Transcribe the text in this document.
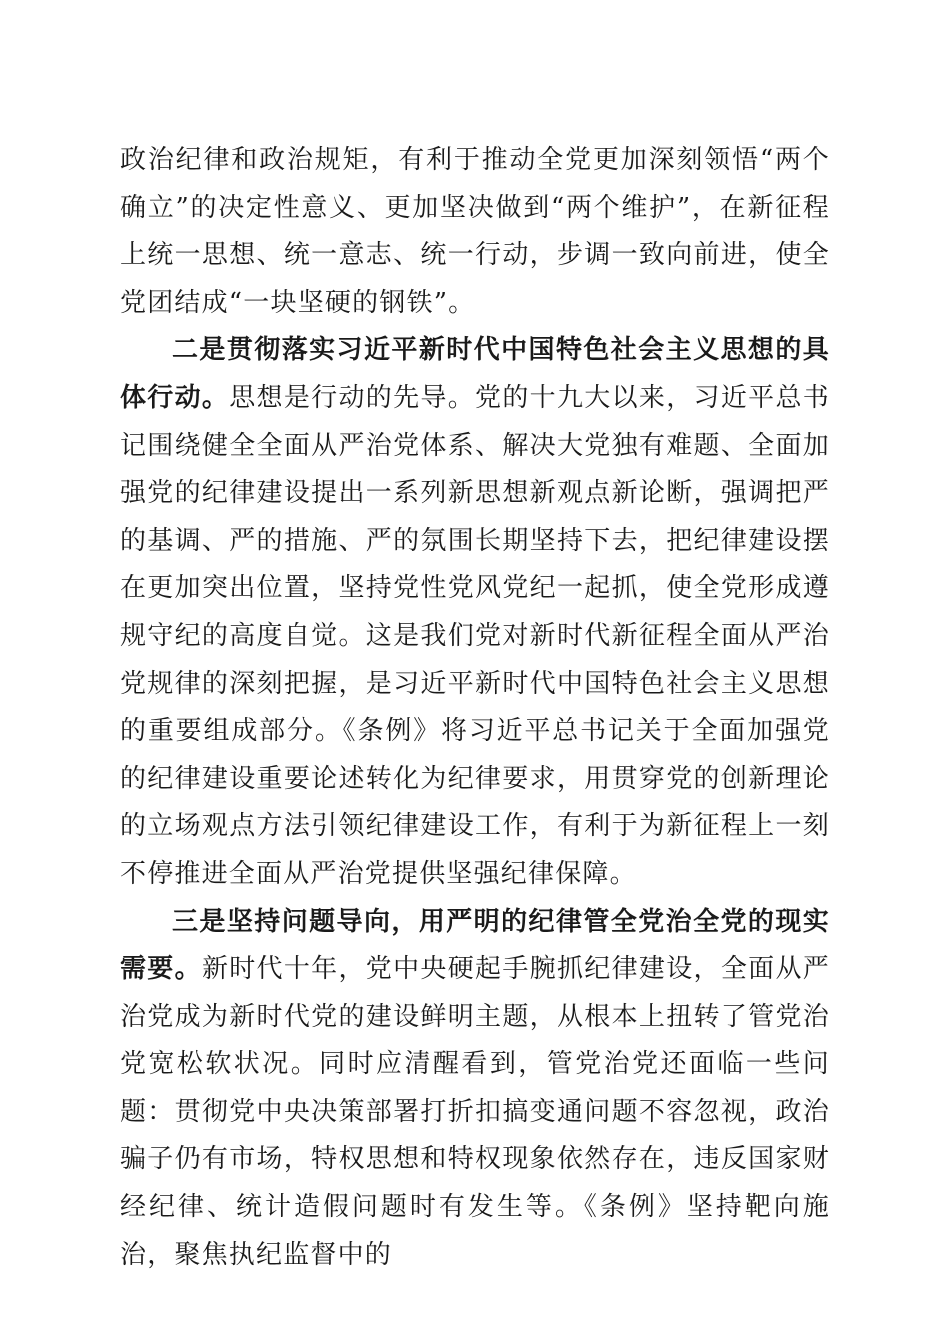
政治纪律和政治规矩，有利于推动全党更加深刻领悟“两个确立”的决定性意义、更加坚决做到“两个维护”，在新征程上统一思想、统一意志、统一行动，步调一致向前进，使全党团结成“一块坚硬的钢铁”。

二是贯彻落实习近平新时代中国特色社会主义思想的具体行动。思想是行动的先导。党的十九大以来，习近平总书记围绕健全全面从严治党体系、解决大党独有难题、全面加强党的纪律建设提出一系列新思想新观点新论断，强调把严的基调、严的措施、严的氛围长期坚持下去，把纪律建设摆在更加突出位置，坚持党性党风党纪一起抓，使全党形成遵规守纪的高度自觉。这是我们党对新时代新征程全面从严治党规律的深刻把握，是习近平新时代中国特色社会主义思想的重要组成部分。《条例》将习近平总书记关于全面加强党的纪律建设重要论述转化为纪律要求，用贯穿党的创新理论的立场观点方法引领纪律建设工作，有利于为新征程上一刻不停推进全面从严治党提供坚强纪律保障。

三是坚持问题导向，用严明的纪律管全党治全党的现实需要。新时代十年，党中央硬起手腕抓纪律建设，全面从严治党成为新时代党的建设鲜明主题，从根本上扭转了管党治党宽松软状况。同时应清醒看到，管党治党还面临一些问题：贯彻党中央决策部署打折扣搞变通问题不容忽视，政治骗子仍有市场，特权思想和特权现象依然存在，违反国家财经纪律、统计造假问题时有发生等。《条例》坚持靶向施治，聚焦执纪监督中的
